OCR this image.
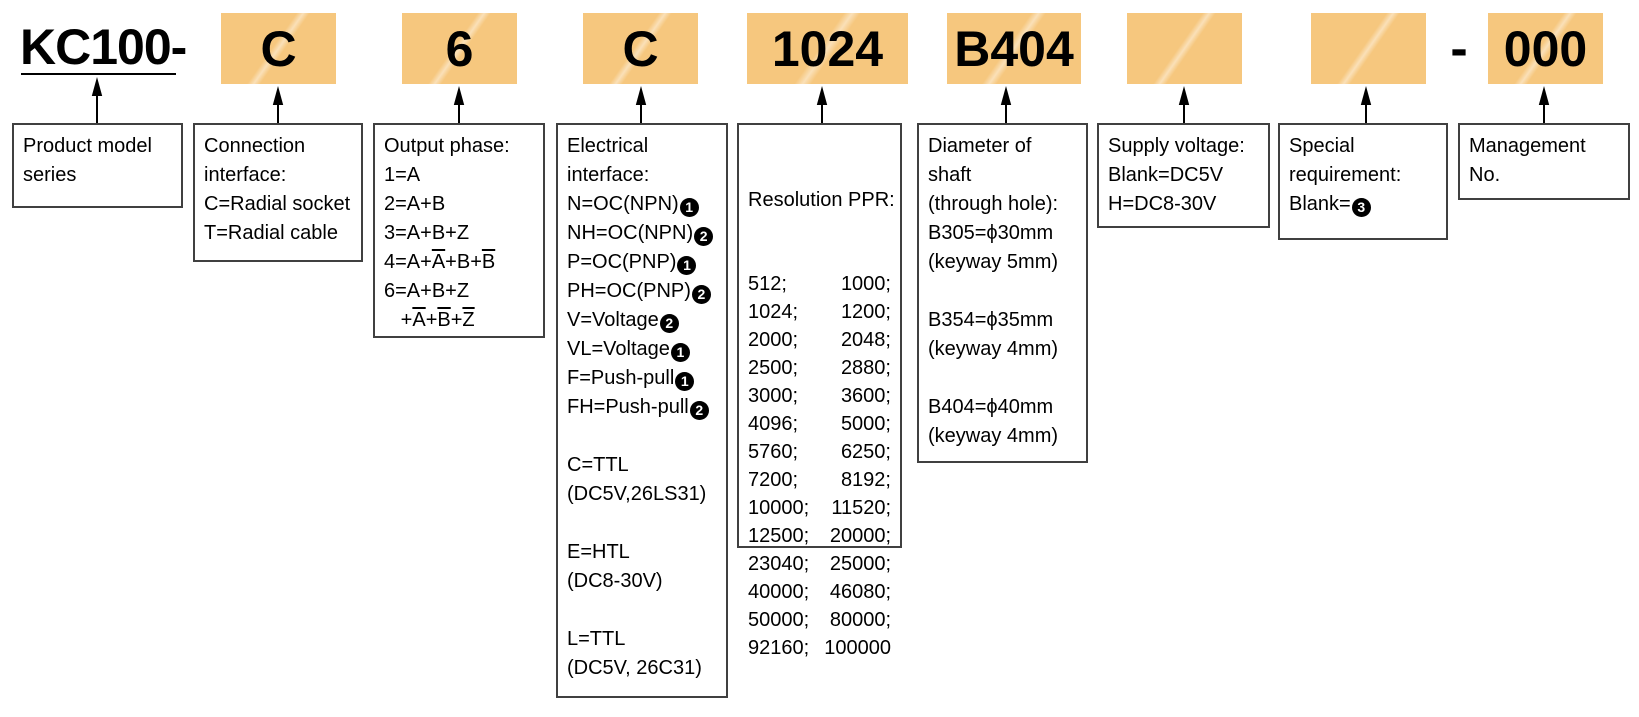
KC100-	C	6	C	1024	B404	000
-
Product model
series
Connection
interface:
C=Radial socket
T=Radial cable
Output phase:
1=A
2=A+B
3=A+B+Z
$4=A+\overline{A}+B+\overline{B}$
6=A+B+Z
$+\overline{A}+\overline{B}+\overline{Z}$
Electrical
interface:
N=OC(NPN) 1
NH=OC(NPN) 2
P=OC(PNP) 1
PH=OC(PNP) 2
V=Voltage 2
VL=Voltage 1
F=Push-pull 1
FH=Push-pull 2

C=TTL
(DC5V,26LS31)

E=HTL
(DC8-30V)

L=TTL
(DC5V, 26C31)

Resolution PPR:

512;	1000;
1024; 1200;
2000; 2048;
2500; 2880;
3000; 3600;
4096; 5000;
5760; 6250;
7200; 8192;
10000; 11520;
12500; 20000;
23040; 25000;
40000; 46080;
50000; 80000;
92160; 100000

Diameter of
shaft
(through hole):
B305=ϕ30mm
(keyway 5mm)

B354=ϕ35mm
(keyway 4mm)

B404=ϕ40mm
(keyway 4mm)
Supply voltage:
Blank=DC5V
H=DC8-30V
Special
requirement:
Blank= 3
Management
No.
